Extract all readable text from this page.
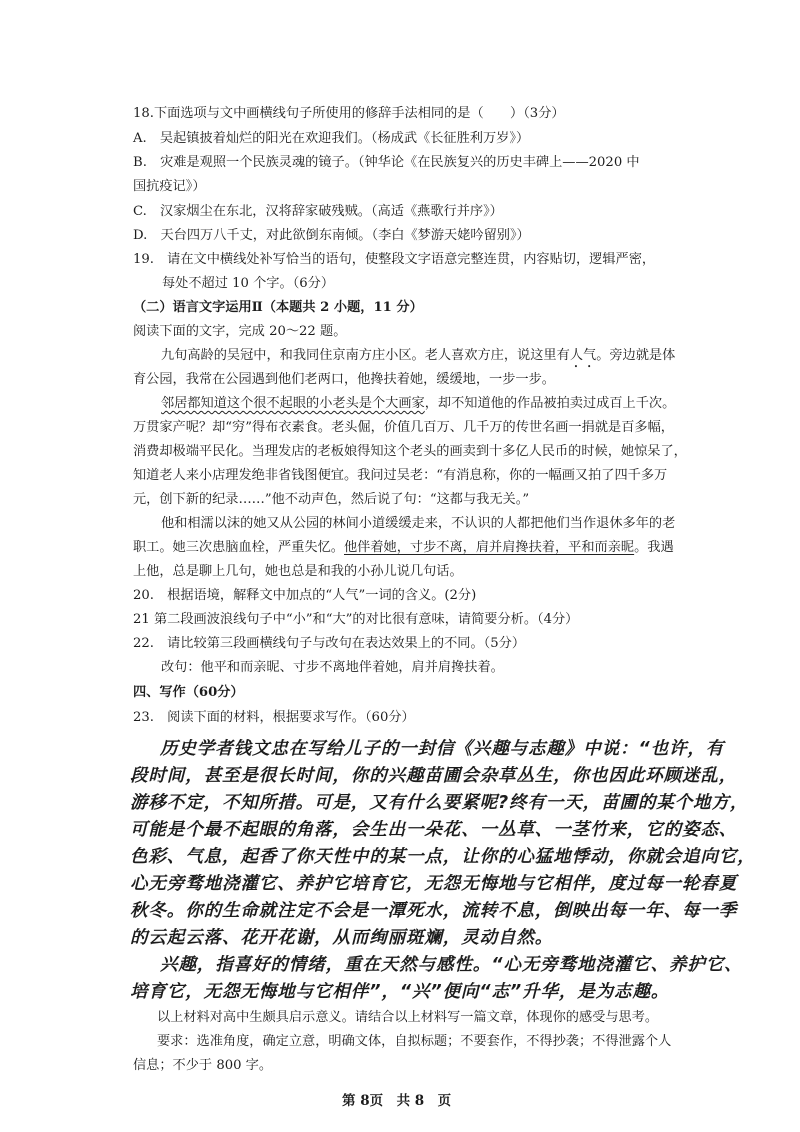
18.下面选项与文中画横线句子所使用的修辞手法相同的是（　　）（3分）
A.　吴起镇披着灿烂的阳光在欢迎我们。（杨成武《长征胜利万岁》）
B.　灾难是观照一个民族灵魂的镜子。（钟华论《在民族复兴的历史丰碑上——2020 中
国抗疫记》）
C.　汉家烟尘在东北，汉将辞家破残贼。（高适《燕歌行并序》）
D.　天台四万八千丈，对此欲倒东南倾。（李白《梦游天姥吟留别》）
19.　请在文中横线处补写恰当的语句，使整段文字语意完整连贯，内容贴切，逻辑严密，
每处不超过 10 个字。（6分）
（二）语言文字运用Ⅱ（本题共 2 小题，11 分）
阅读下面的文字，完成 20～22 题。
九旬高龄的吴冠中，和我同住京南方庄小区。老人喜欢方庄，说这里有人气。旁边就是体
育公园，我常在公园遇到他们老两口，他搀扶着她，缓缓地，一步一步。
邻居都知道这个很不起眼的小老头是个大画家，却不知道他的作品被拍卖过成百上千次。
万贯家产呢？却“穷”得布衣素食。老头倔，价值几百万、几千万的传世名画一捐就是百多幅，
消费却极端平民化。当理发店的老板娘得知这个老头的画卖到十多亿人民币的时候，她惊呆了，
知道老人来小店理发绝非省钱图便宜。我问过吴老：“有消息称，你的一幅画又拍了四千多万
元，创下新的纪录……”他不动声色，然后说了句：“这都与我无关。”
他和相濡以沫的她又从公园的林间小道缓缓走来，不认识的人都把他们当作退休多年的老
职工。她三次患脑血栓，严重失忆。他伴着她，寸步不离，肩并肩搀扶着，平和而亲昵。我遇
上他，总是聊上几句，她也总是和我的小孙儿说几句话。
20.　根据语境，解释文中加点的“人气”一词的含义。(2分)
21 第二段画波浪线句子中“小”和“大”的对比很有意味，请简要分析。（4分）
22.　请比较第三段画横线句子与改句在表达效果上的不同。（5分）
改句：他平和而亲昵、寸步不离地伴着她，肩并肩搀扶着。
四、写作（60分）
23.　阅读下面的材料，根据要求写作。（60分）
历史学者钱文忠在写给儿子的一封信《兴趣与志趣》中说：“也许，有
段时间，甚至是很长时间，你的兴趣苗圃会杂草丛生，你也因此环顾迷乱，
游移不定，不知所措。可是，又有什么要紧呢?终有一天，苗圃的某个地方，
可能是个最不起眼的角落，会生出一朵花、一丛草、一茎竹来，它的姿态、
色彩、气息，起香了你天性中的某一点，让你的心猛地悸动，你就会追向它，
心无旁骛地浇灌它、养护它培育它，无怨无悔地与它相伴，度过每一轮春夏
秋冬。你的生命就注定不会是一潭死水，流转不息，倒映出每一年、每一季
的云起云落、花开花谢，从而绚丽斑斓，灵动自然。
兴趣，指喜好的情绪，重在天然与感性。“心无旁骛地浇灌它、养护它、
培育它，无怨无悔地与它相伴”，“兴”便向“志”升华，是为志趣。
以上材料对高中生颇具启示意义。请结合以上材料写一篇文章，体现你的感受与思考。
要求：选准角度，确定立意，明确文体，自拟标题；不要套作，不得抄袭；不得泄露个人
信息；不少于 800 字。
第 8页　共 8　页
